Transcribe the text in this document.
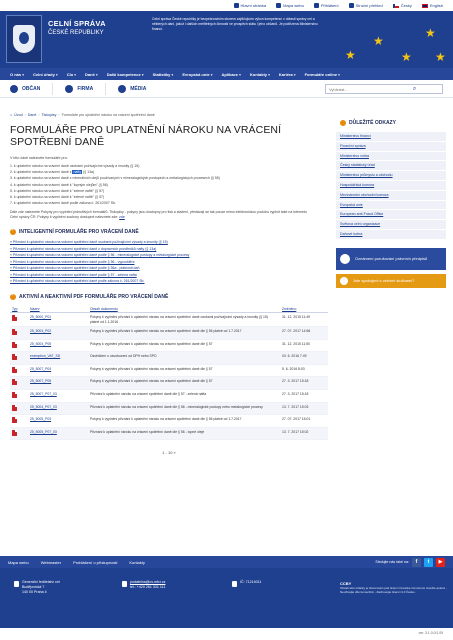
Hlavní stránka	Mapa webu	Přihlášení	Struční přehled	Česky	English
CELNÍ SPRÁVA
ČESKÉ REPUBLIKY
Celní správa České republiky je bezpečnostním sborem zajišťujícím výkon kompetencí v oblasti správy cel a některých daní, jakož i dalších meřitelných činností ve prospěch státu i jeho občanů. Je podřízena Ministerstvu financí.
★
★
★
★
★
O nás ▾ Celní úřady ▾ Clo ▾ Daně ▾ Další kompetence ▾ Statistiky ▾ Evropská unie ▾ Aplikace ▾ Kontakty ▾ Kariéra ▾ Formuláře online ▾
OBČAN	FIRMA	MÉDIA	Vyhledat...	⌕
⌂ Úvod › Daně › Tiskopisy › Formuláře pro uplatnění nároku na vrácení spotřební daně
FORMULÁŘE PRO UPLATNĚNÍ NÁROKU NA VRÁCENÍ SPOTŘEBNÍ DANĚ

V této části naleznete formuláře pro:

1. k uplatnění nároku na vrácení daně osobami požívajícími výsady a imunity (§ 15)
2. k uplatnění nároku na vrácení daně z nafty (§ 13a)
3. k uplatnění nároku na vrácení daně z minerálních olejů používaných v mineralogických postupech a metalurgických procesech (§ 55)
4. k uplatnění nároku na vrácení daně k "topným olejům" (§ 56)
5. k uplatnění nároku na vrácení daně k "zelené naftě" (§ 57)
6. k uplatnění nároku na vrácení daně k "zelené naftě" (§ 57)
7. k uplatnění nároku na vrácení daně podle zákona č. 261/2007 Sb.

Dále zde naleznete Pokyny pro vyplnění jednotlivých formulářů. Tiskopisy - pokyny jsou dostupny pro tisk a stažení, předávají se tak pouze mimo elektronickou podobu vyplnit také na internetu Celní správy ČR. Pokyny k vyplnění soubory dostupné naleznete zde: zde

›
INTELIGENTNÍ FORMULÁŘE PRO VRÁCENÍ DANĚ
» Přiznání k uplatnění nároku na vrácení spotřební daně osobami požívajícími výsady a imunity (§ 15)
» Přiznání k uplatnění nároku na vrácení spotřební daně z dopravních prostředků nafty (§ 13a)
» Přiznání k uplatnění nároku na vrácení spotřební daně podle § 56 - mineralogické postupy a metalurgické procesy
» Přiznání k uplatnění nároku na vrácení spotřební daně podle § 56 - vypouštění
» Přiznání k uplatnění nároku na vrácení spotřební daně podle § 56a - platnosti daň
» Přiznání k uplatnění nároku na vrácení spotřební daně podle § 57 - zelená nafta
» Přiznání k uplatnění nároku na vrácení spotřební daně podle zákona č. 261/2007 Sb.
›
AKTIVNÍ A NEAKTIVNÍ PDF FORMULÁŘE PRO VRÁCENÍ DANĚ
Typ	Název	Obsah dokumentu	Změněno
	25_5000_P01	Pokyny k vyplnění přiznání k uplatnění nároku na vrácení spotřební daně osobami požívajícími výsady a imunity (§ 15) platné od 1.1.2016	31. 12. 2015 11:49
	25_5004_P02	Pokyny k vyplnění přiznání k uplatnění nároku na vrácení spotřební daně dle § 56 platné od 1.7.2017	27. 07. 2017 14:56
	25_5004_P05	Pokyny k vyplnění přiznání k uplatnění nároku na vrácení spotřební daně dle § 57	31. 12. 2015 11:50
	exemption_VAT_SD	Osvědčení o osvobození od DPH nebo SPD	03. 6. 2016 7:49
	25_5007_P04	Pokyny k vyplnění přiznání k uplatnění nároku na vrácení spotřební daně dle § 57	5. 6. 2016 8:03
	25_5007_P05	Pokyny k vyplnění přiznání k uplatnění nároku na vrácení spotřební daně dle § 57	27. 3. 2017 15:18
	25_5007_P07_03	Přiznání k uplatnění nároku na vrácení spotřební daně dle § 57 - zelená nafta	27. 3. 2017 15:18
	25_5004_P07_03	Přiznání k uplatnění nároku na vrácení spotřební daně dle § 56 - mineralogické postupy nebo metalurgické procesy	13. 7. 2017 15:03
	25_5005_P03	Pokyny k vyplnění přiznání k uplatnění nároku na vrácení spotřební daně dle § 56 platné od 1.7.2017	27. 07. 2017 15:01
	25_5005_P07_03	Přiznání k uplatnění nároku na vrácení spotřební daně dle § 56 - topné oleje	13. 7. 2017 15:02
1 - 10 »
DŮLEŽITÉ ODKAZY
Ministerstvo financí
Finanční správa
Ministerstvo vnitra
Český statistický úřad
Ministerstvo průmyslu a obchodu
Hospodářská komora
Mezinárodní obchodní komora
Evropská unie
European anti-Fraud Office
Světová celní organizace
Daňové kobra
Oznámení porušování právních předpisů
Jste spokojeni s celními službami?
Mapa webu	Webmaster	Prohlášení o přístupnosti	Kontakty	Sledujte nás také na:	f	t	▶
Generální ředitelství cel
Budějovická 7
140 00 Praha 4
podatelna@cs.mfcr.cz
tel.: +420 261 331 111
IČ: 71214011	CCBY
Obsah této stránky je licencován pod licencí Creative Commons Uveďte autora - Neužívejte dílo komerčně - Zachovejte licenci 4.0 Česko.
ver. 3.1.0.0/1.09
